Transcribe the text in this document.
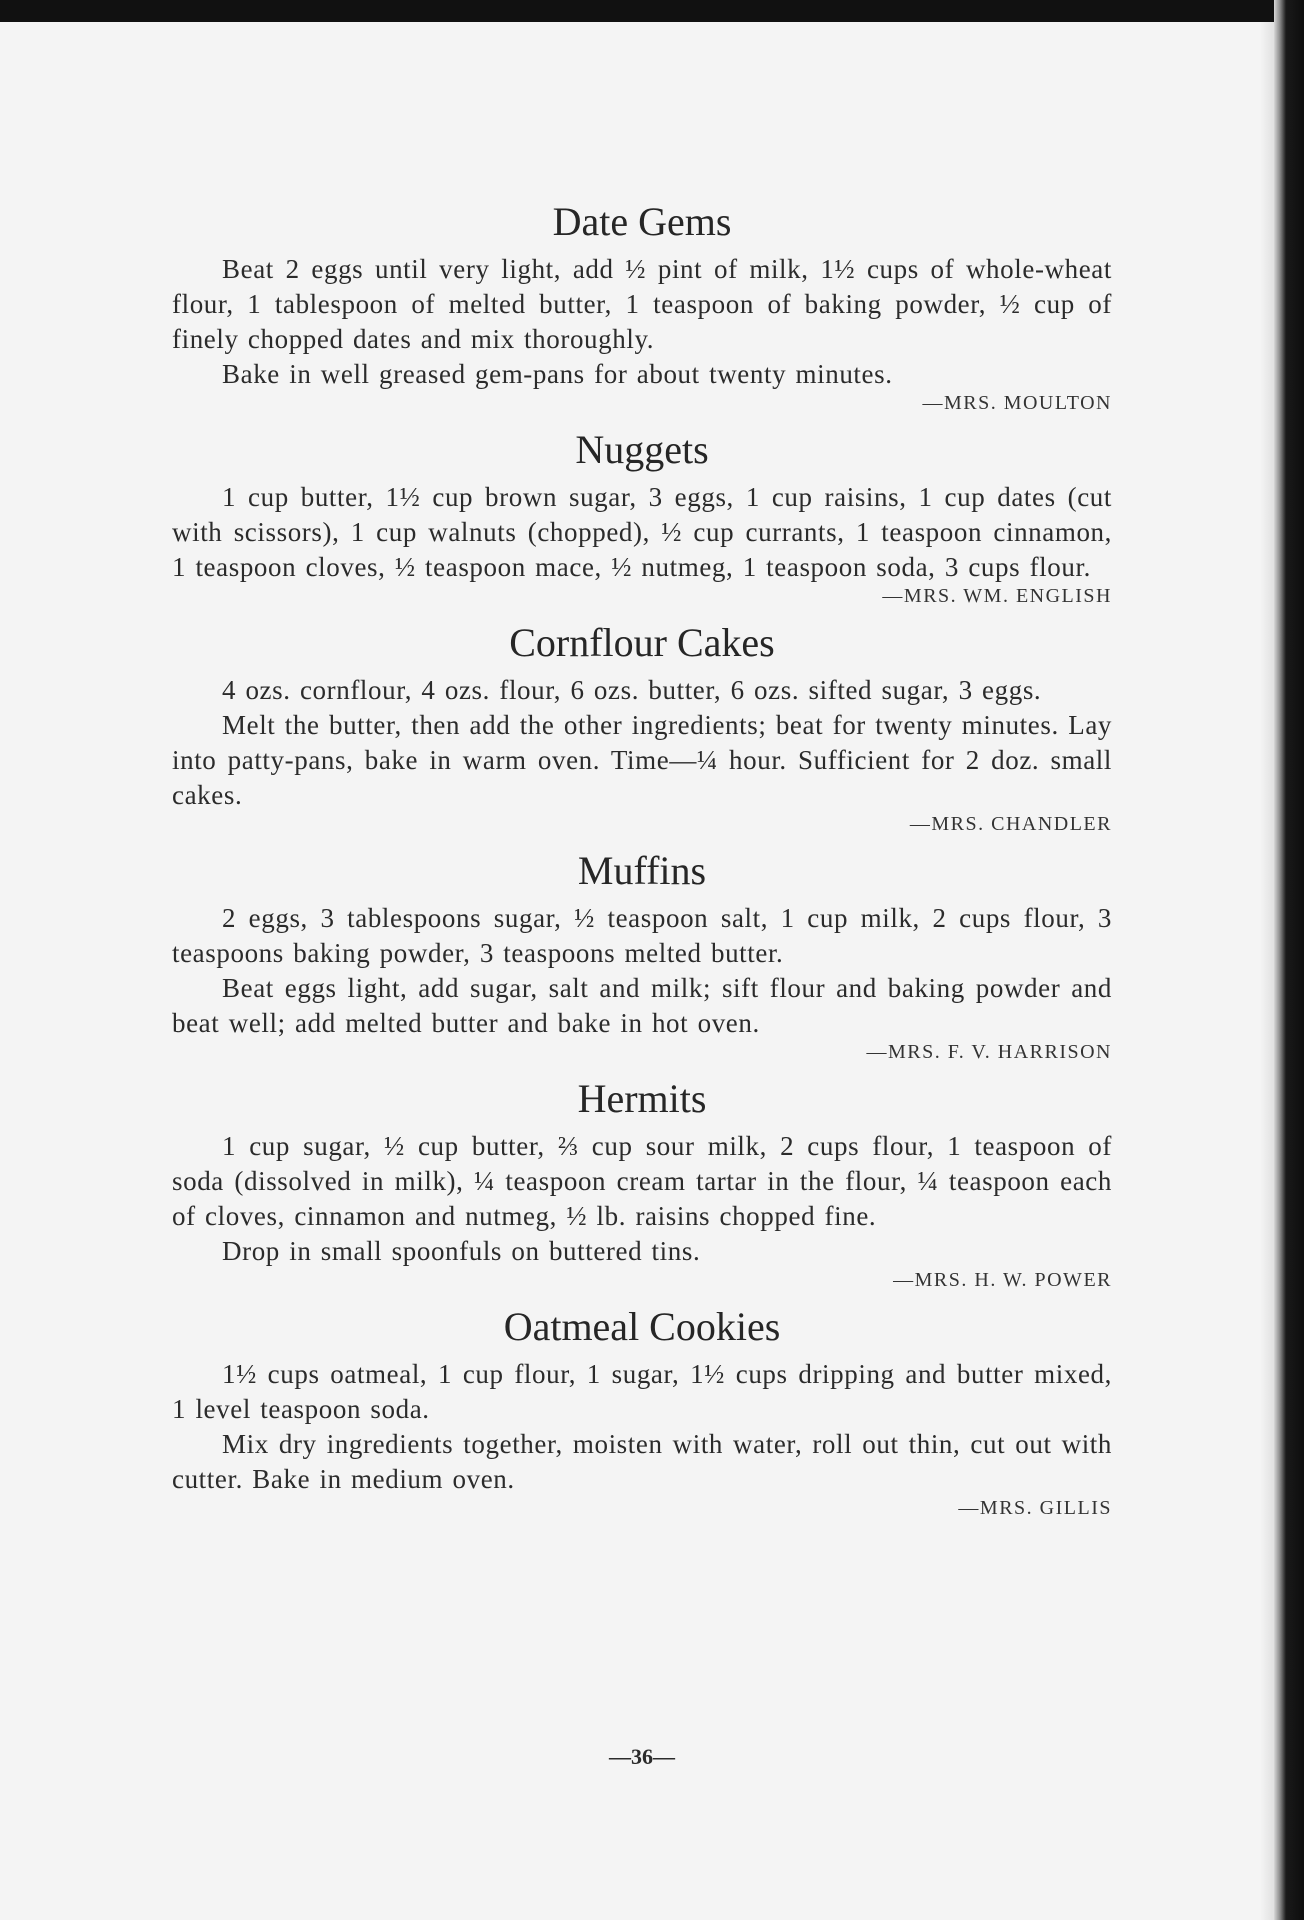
Date Gems

Beat 2 eggs until very light, add ½ pint of milk, 1½ cups of whole-wheat flour, 1 tablespoon of melted butter, 1 teaspoon of baking powder, ½ cup of finely chopped dates and mix thoroughly.

Bake in well greased gem-pans for about twenty minutes.

—MRS. MOULTON
Nuggets

1 cup butter, 1½ cup brown sugar, 3 eggs, 1 cup raisins, 1 cup dates (cut with scissors), 1 cup walnuts (chopped), ½ cup currants, 1 teaspoon cinnamon, 1 teaspoon cloves, ½ teaspoon mace, ½ nutmeg, 1 teaspoon soda, 3 cups flour.

—MRS. WM. ENGLISH
Cornflour Cakes

4 ozs. cornflour, 4 ozs. flour, 6 ozs. butter, 6 ozs. sifted sugar, 3 eggs.

Melt the butter, then add the other ingredients; beat for twenty minutes. Lay into patty-pans, bake in warm oven. Time—¼ hour. Sufficient for 2 doz. small cakes.

—MRS. CHANDLER
Muffins

2 eggs, 3 tablespoons sugar, ½ teaspoon salt, 1 cup milk, 2 cups flour, 3 teaspoons baking powder, 3 teaspoons melted butter.

Beat eggs light, add sugar, salt and milk; sift flour and baking powder and beat well; add melted butter and bake in hot oven.

—MRS. F. V. HARRISON
Hermits

1 cup sugar, ½ cup butter, ⅔ cup sour milk, 2 cups flour, 1 teaspoon of soda (dissolved in milk), ¼ teaspoon cream tartar in the flour, ¼ teaspoon each of cloves, cinnamon and nutmeg, ½ lb. raisins chopped fine.

Drop in small spoonfuls on buttered tins.

—MRS. H. W. POWER
Oatmeal Cookies

1½ cups oatmeal, 1 cup flour, 1 sugar, 1½ cups dripping and butter mixed, 1 level teaspoon soda.

Mix dry ingredients together, moisten with water, roll out thin, cut out with cutter. Bake in medium oven.

—MRS. GILLIS
—36—
